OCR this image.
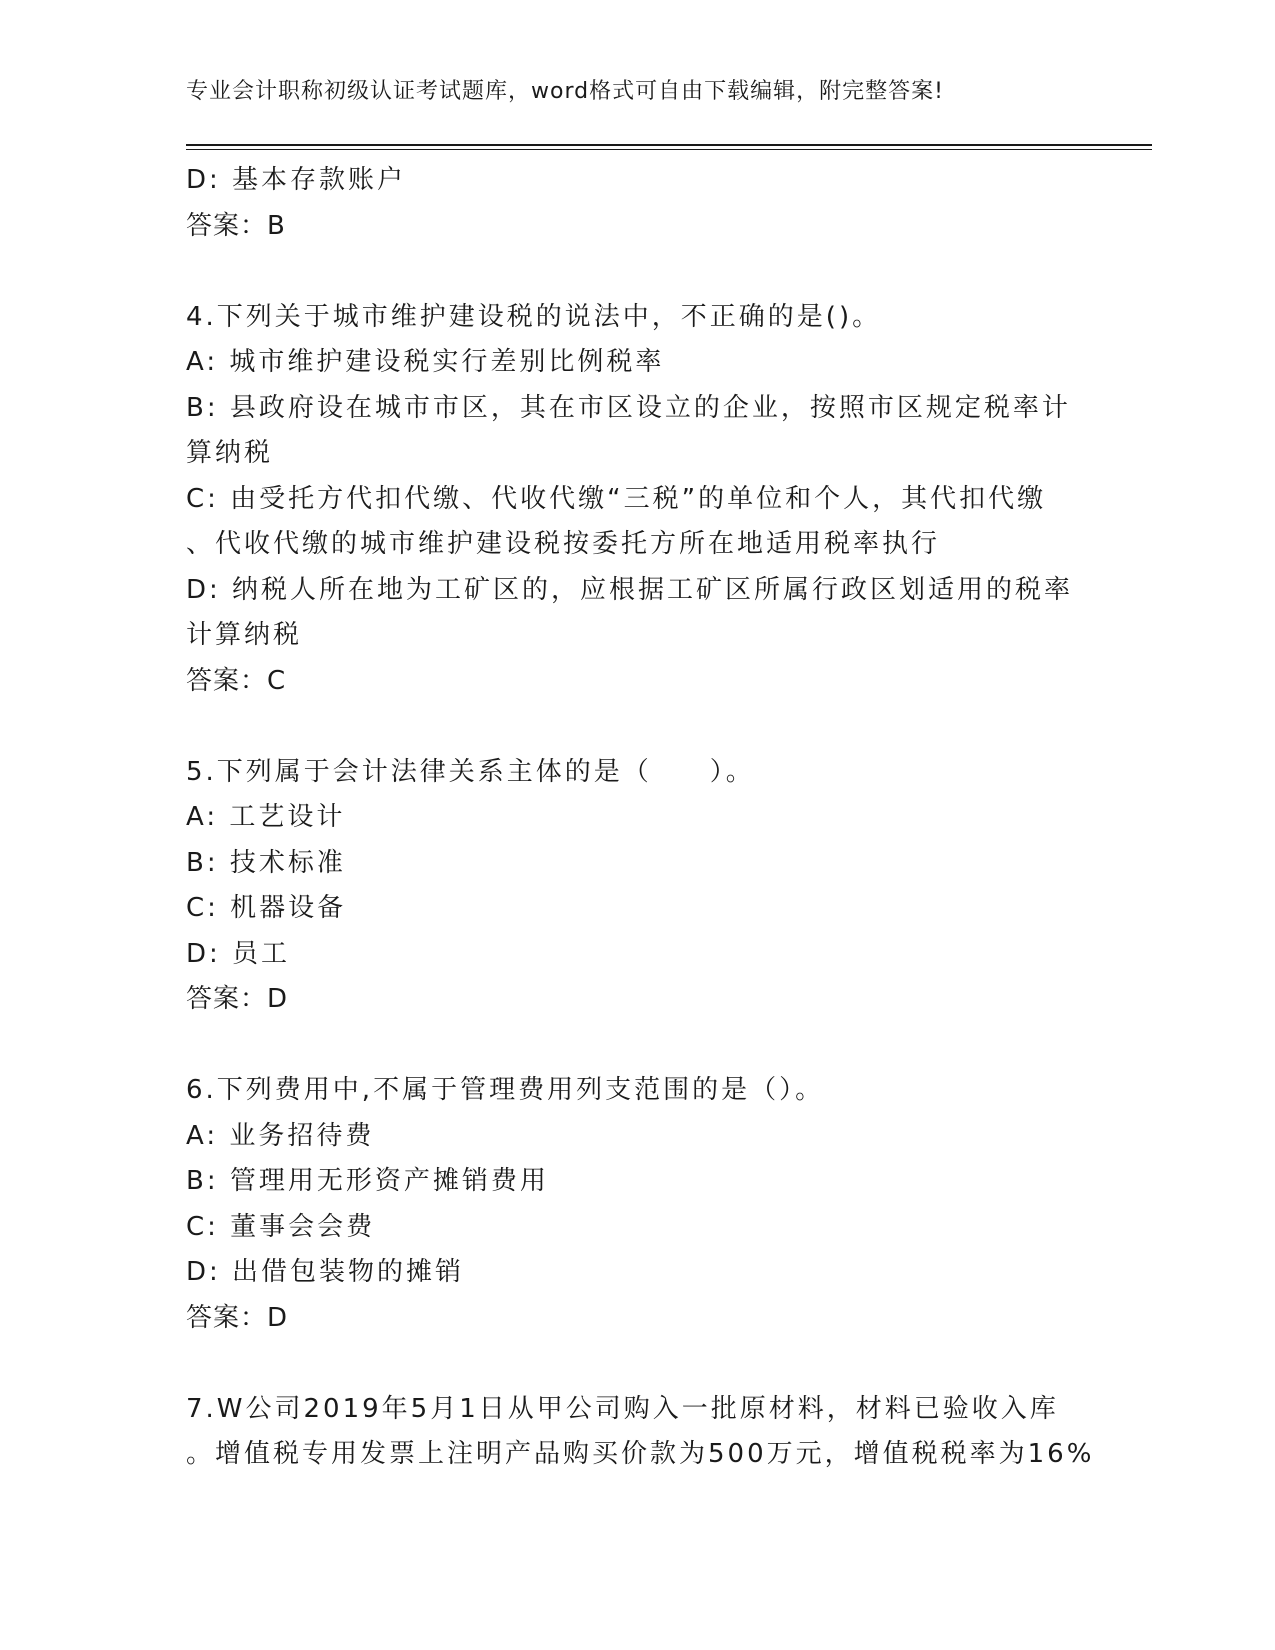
专业会计职称初级认证考试题库，word格式可自由下载编辑，附完整答案!
D: 基本存款账户
答案：B
4.下列关于城市维护建设税的说法中，不正确的是()。
A: 城市维护建设税实行差别比例税率
B: 县政府设在城市市区，其在市区设立的企业，按照市区规定税率计
算纳税
C: 由受托方代扣代缴、代收代缴“三税”的单位和个人，其代扣代缴
、代收代缴的城市维护建设税按委托方所在地适用税率执行
D: 纳税人所在地为工矿区的，应根据工矿区所属行政区划适用的税率
计算纳税
答案：C
5.下列属于会计法律关系主体的是（　　）。
A: 工艺设计
B: 技术标准
C: 机器设备
D: 员工
答案：D
6.下列费用中,不属于管理费用列支范围的是（）。
A: 业务招待费
B: 管理用无形资产摊销费用
C: 董事会会费
D: 出借包装物的摊销
答案：D
7.W公司2019年5月1日从甲公司购入一批原材料，材料已验收入库
。增值税专用发票上注明产品购买价款为500万元，增值税税率为16%
